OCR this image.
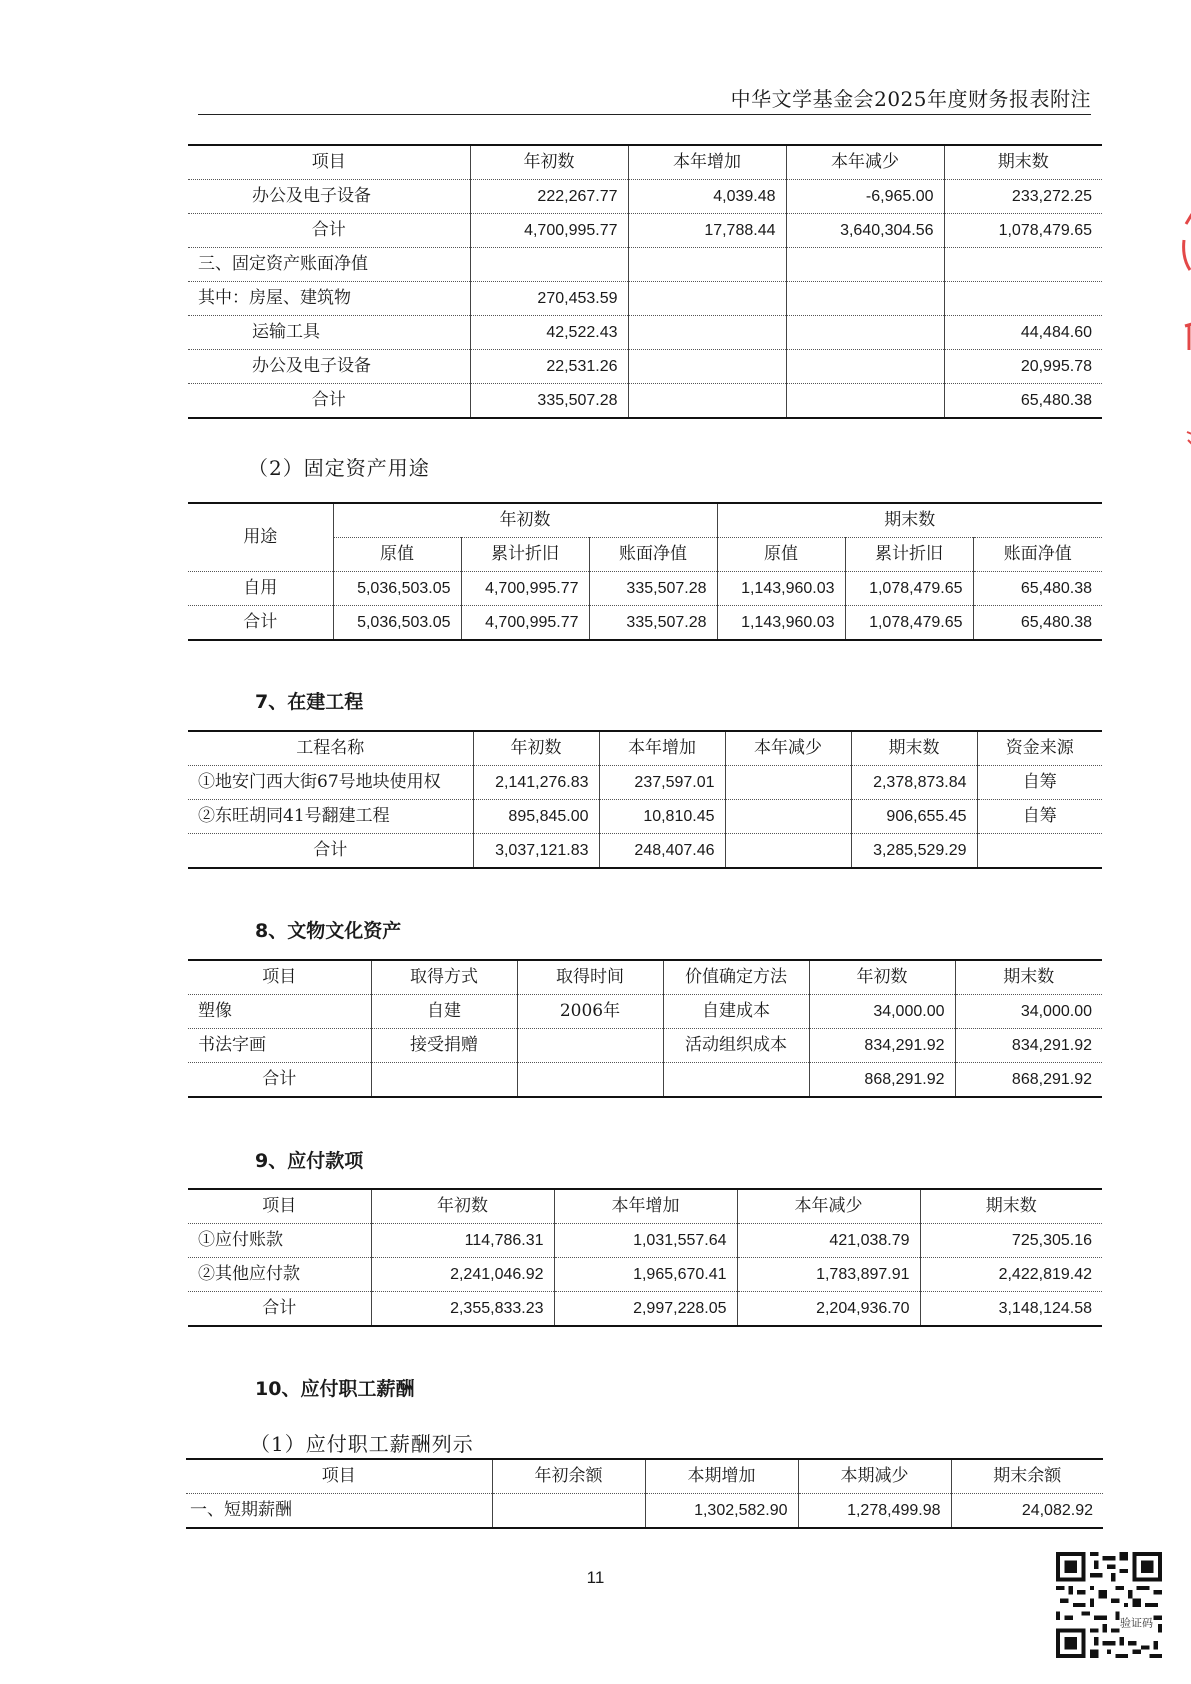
中华文学基金会2025年度财务报表附注
项目	年初数	本年增加	本年减少	期末数
办公及电子设备	222,267.77	4,039.48	-6,965.00	233,272.25
合计	4,700,995.77	17,788.44	3,640,304.56	1,078,479.65
三、固定资产账面净值				
其中：房屋、建筑物	270,453.59			
运输工具	42,522.43			44,484.60
办公及电子设备	22,531.26			20,995.78
合计	335,507.28			65,480.38
（2）固定资产用途
用途	年初数			期末数		
	原值	累计折旧	账面净值	原值	累计折旧	账面净值
自用	5,036,503.05	4,700,995.77	335,507.28	1,143,960.03	1,078,479.65	65,480.38
合计	5,036,503.05	4,700,995.77	335,507.28	1,143,960.03	1,078,479.65	65,480.38
7、在建工程
工程名称	年初数	本年增加	本年减少	期末数	资金来源
①地安门西大街67号地块使用权	2,141,276.83	237,597.01		2,378,873.84	自筹
②东旺胡同41号翻建工程	895,845.00	10,810.45		906,655.45	自筹
合计	3,037,121.83	248,407.46		3,285,529.29	
8、文物文化资产
项目	取得方式	取得时间	价值确定方法	年初数	期末数
塑像	自建	2006年	自建成本	34,000.00	34,000.00
书法字画	接受捐赠		活动组织成本	834,291.92	834,291.92
合计				868,291.92	868,291.92
9、应付款项
项目	年初数	本年增加	本年减少	期末数
①应付账款	114,786.31	1,031,557.64	421,038.79	725,305.16
②其他应付款	2,241,046.92	1,965,670.41	1,783,897.91	2,422,819.42
合计	2,355,833.23	2,997,228.05	2,204,936.70	3,148,124.58
10、应付职工薪酬
（1）应付职工薪酬列示
项目	年初余额	本期增加	本期减少	期末余额
一、短期薪酬		1,302,582.90	1,278,499.98	24,082.92
11
验证码
